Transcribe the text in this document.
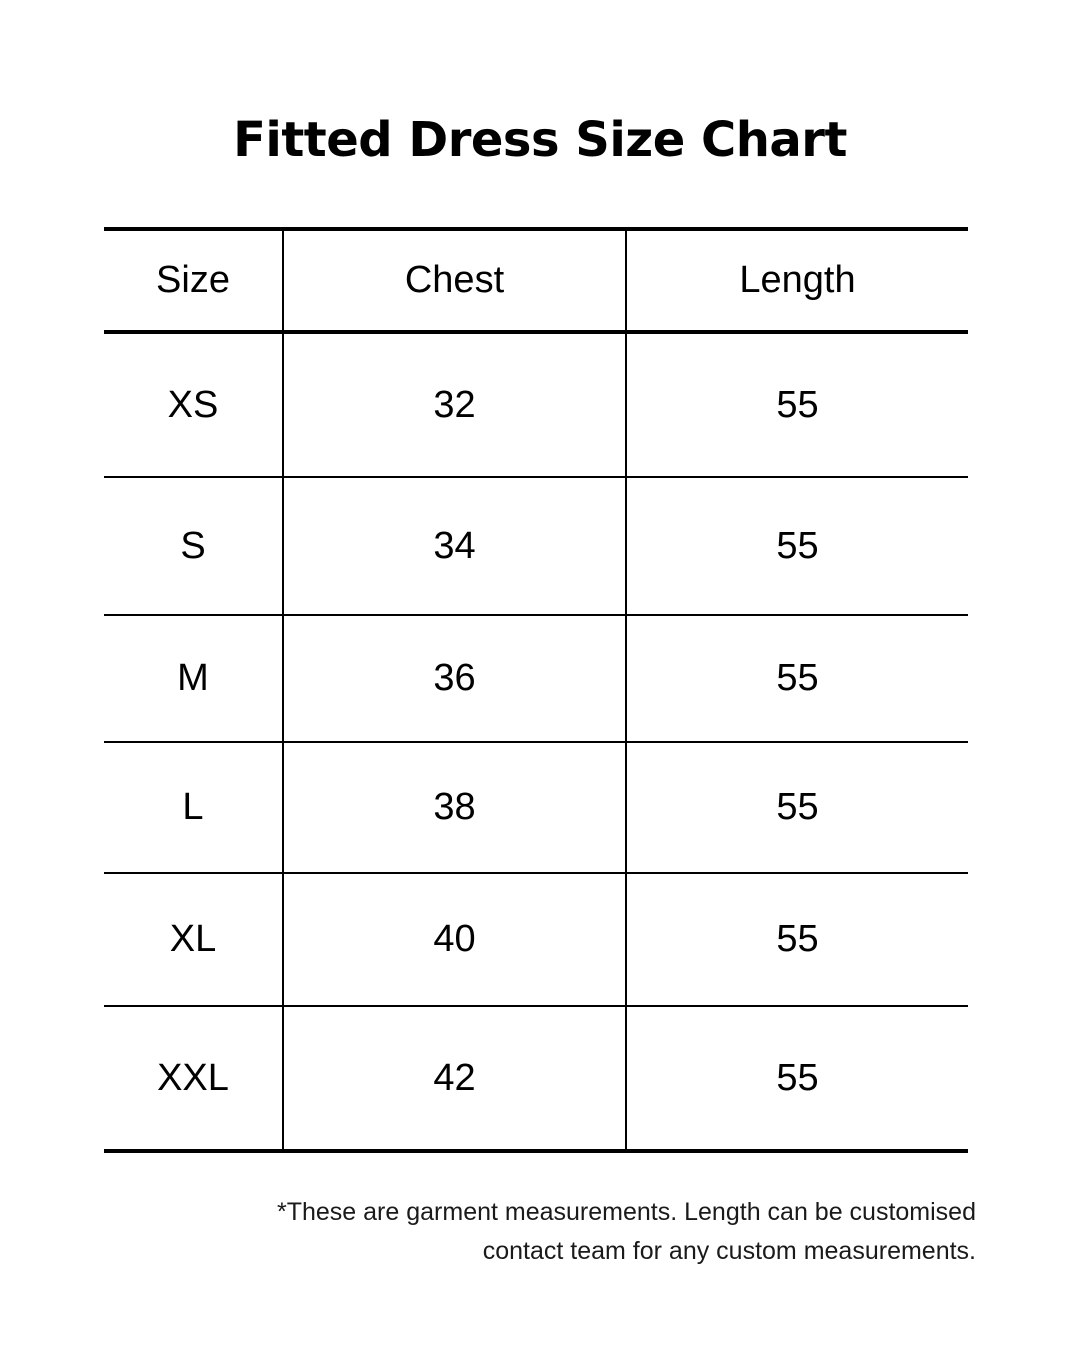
Fitted Dress Size Chart
Size	Chest	Length
XS	32	55
S	34	55
M	36	55
L	38	55
XL	40	55
XXL	42	55
*These are garment measurements. Length can be customised
contact team for any custom measurements.
